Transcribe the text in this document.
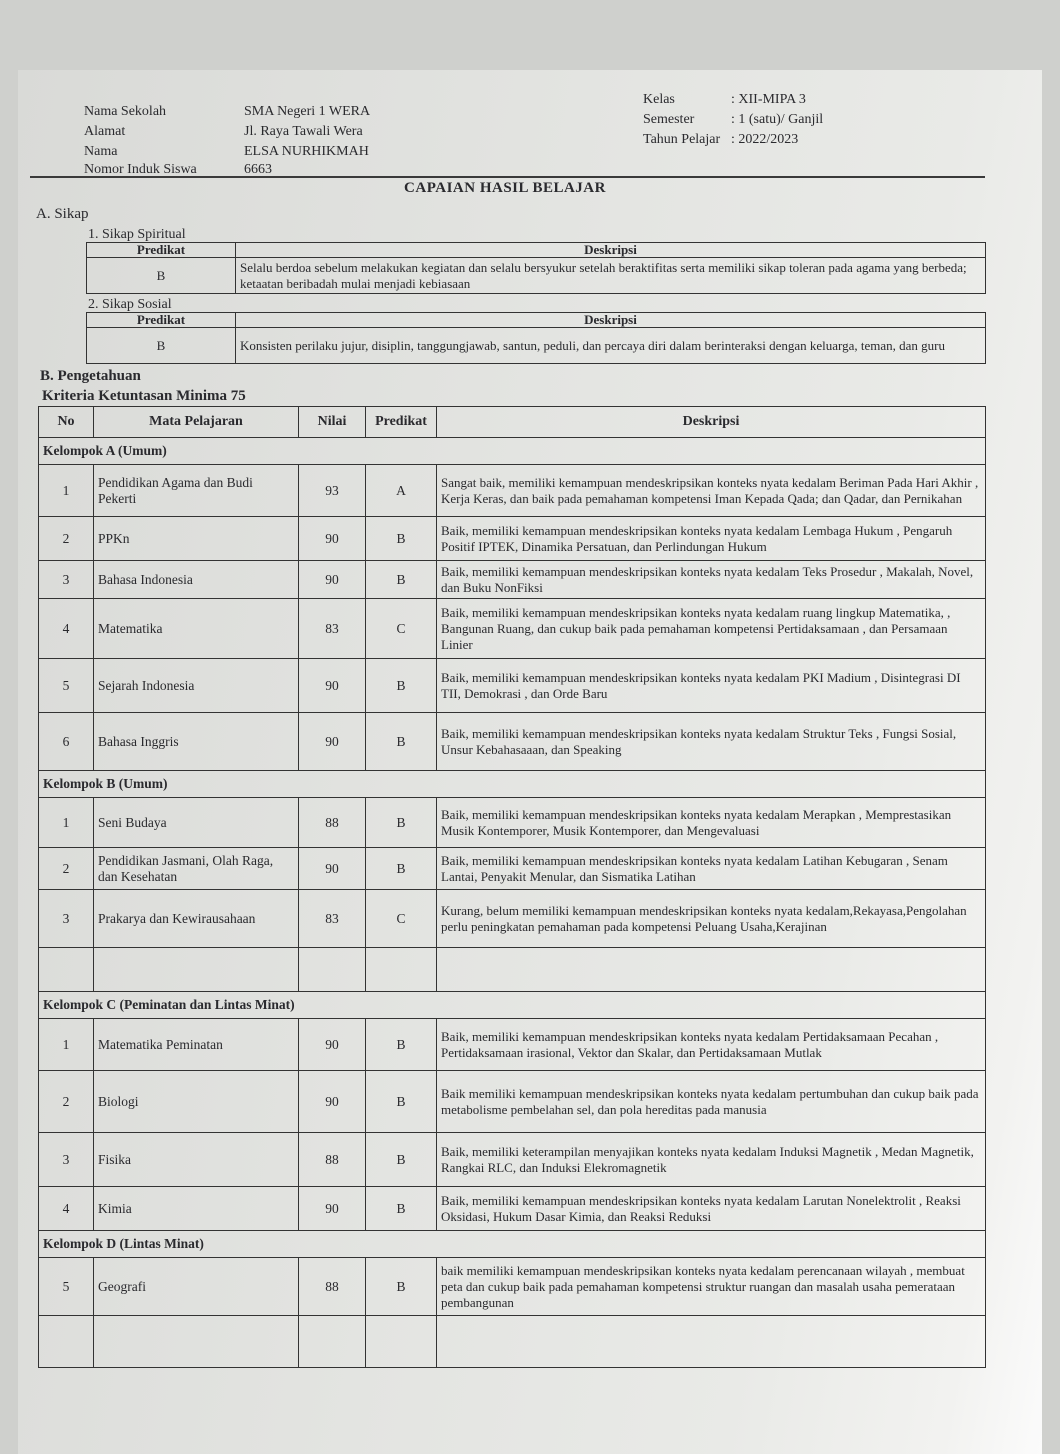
Nama Sekolah	SMA Negeri 1 WERA
Alamat	Jl. Raya Tawali Wera
Nama	ELSA NURHIKMAH
Nomor Induk Siswa	6663
Kelas	: XII-MIPA 3
Semester	: 1 (satu)/ Ganjil
Tahun Pelajar : 2022/2023
CAPAIAN HASIL BELAJAR
A. Sikap
1. Sikap Spiritual
Predikat	Deskripsi
B	Selalu berdoa sebelum melakukan kegiatan dan selalu bersyukur setelah beraktifitas serta memiliki sikap toleran pada agama yang berbeda; ketaatan beribadah mulai menjadi kebiasaan
2. Sikap Sosial
Predikat	Deskripsi
B	Konsisten perilaku jujur, disiplin, tanggungjawab, santun, peduli, dan percaya diri dalam berinteraksi dengan keluarga, teman, dan guru
B. Pengetahuan
Kriteria Ketuntasan Minima 75
No	Mata Pelajaran	Nilai	Predikat	Deskripsi
Kelompok A (Umum)				
1	Pendidikan Agama dan Budi Pekerti	93	A	Sangat baik, memiliki kemampuan mendeskripsikan konteks nyata kedalam Beriman Pada Hari Akhir , Kerja Keras, dan baik pada pemahaman kompetensi Iman Kepada Qada; dan Qadar, dan Pernikahan
2	PPKn	90	B	Baik, memiliki kemampuan mendeskripsikan konteks nyata kedalam Lembaga Hukum , Pengaruh Positif IPTEK, Dinamika Persatuan, dan Perlindungan Hukum
3	Bahasa Indonesia	90	B	Baik, memiliki kemampuan mendeskripsikan konteks nyata kedalam Teks Prosedur , Makalah, Novel, dan Buku NonFiksi
4	Matematika	83	C	Baik, memiliki kemampuan mendeskripsikan konteks nyata kedalam ruang lingkup Matematika, , Bangunan Ruang, dan cukup baik pada pemahaman kompetensi Pertidaksamaan , dan Persamaan Linier
5	Sejarah Indonesia	90	B	Baik, memiliki kemampuan mendeskripsikan konteks nyata kedalam PKI Madium , Disintegrasi DI TII, Demokrasi , dan Orde Baru
6	Bahasa Inggris	90	B	Baik, memiliki kemampuan mendeskripsikan konteks nyata kedalam Struktur Teks , Fungsi Sosial, Unsur Kebahasaaan, dan Speaking
Kelompok B (Umum)				
1	Seni Budaya	88	B	Baik, memiliki kemampuan mendeskripsikan konteks nyata kedalam Merapkan , Memprestasikan Musik Kontemporer, Musik Kontemporer, dan Mengevaluasi
2	Pendidikan Jasmani, Olah Raga, dan Kesehatan	90	B	Baik, memiliki kemampuan mendeskripsikan konteks nyata kedalam Latihan Kebugaran , Senam Lantai, Penyakit Menular, dan Sismatika Latihan
3	Prakarya dan Kewirausahaan	83	C	Kurang, belum memiliki kemampuan mendeskripsikan konteks nyata kedalam,Rekayasa,Pengolahan perlu peningkatan pemahaman pada kompetensi Peluang Usaha,Kerajinan

Kelompok C (Peminatan dan Lintas Minat)				
1	Matematika Peminatan	90	B	Baik, memiliki kemampuan mendeskripsikan konteks nyata kedalam Pertidaksamaan Pecahan , Pertidaksamaan irasional, Vektor dan Skalar, dan Pertidaksamaan Mutlak
2	Biologi	90	B	Baik memiliki kemampuan mendeskripsikan konteks nyata kedalam pertumbuhan dan cukup baik pada metabolisme pembelahan sel, dan pola hereditas pada manusia
3	Fisika	88	B	Baik, memiliki keterampilan menyajikan konteks nyata kedalam Induksi Magnetik , Medan Magnetik, Rangkai RLC, dan Induksi Elekromagnetik
4	Kimia	90	B	Baik, memiliki kemampuan mendeskripsikan konteks nyata kedalam Larutan Nonelektrolit , Reaksi Oksidasi, Hukum Dasar Kimia, dan Reaksi Reduksi
Kelompok D (Lintas Minat)				
5	Geografi	88	B	baik memiliki kemampuan mendeskripsikan konteks nyata kedalam perencanaan wilayah , membuat peta dan cukup baik pada pemahaman kompetensi struktur ruangan dan masalah usaha pemerataan pembangunan
